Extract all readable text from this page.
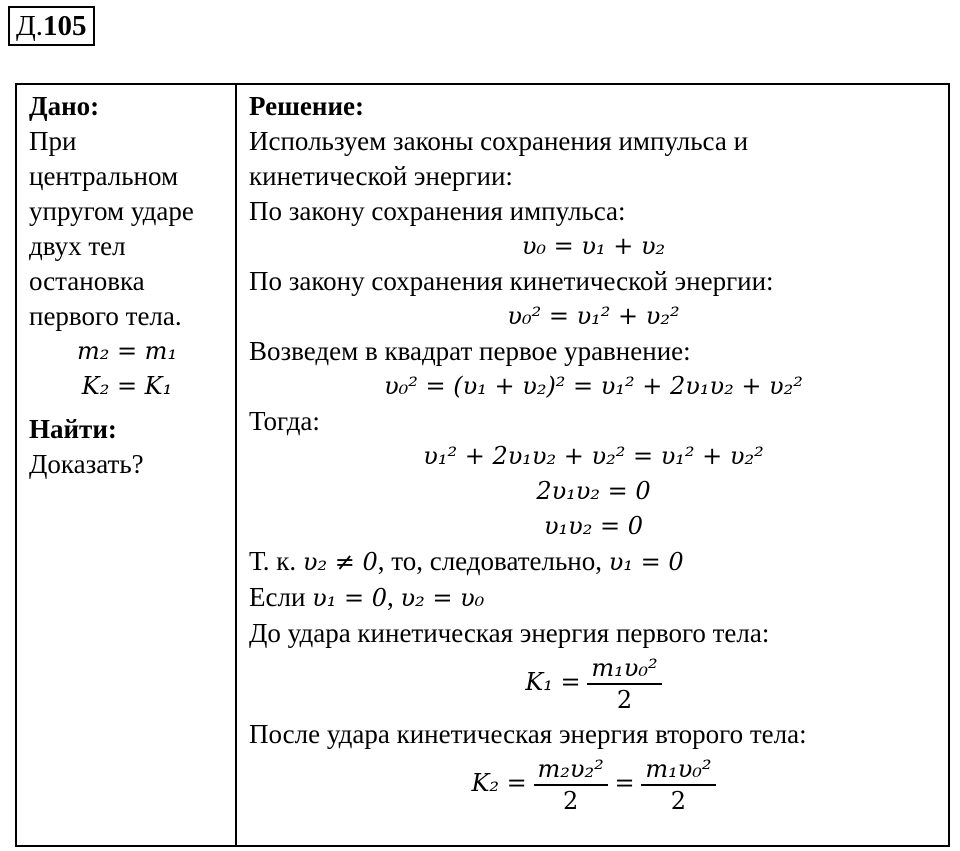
Д. 105
Дано:
При
центральном
упругом ударе
двух тел
остановка
первого тела.
m₂ = m₁
K₂ = K₁
Найти:
Доказать?

Решение:
Используем законы сохранения импульса и
кинетической энергии:
По закону сохранения импульса:
υ₀ = υ₁ + υ₂
По закону сохранения кинетической энергии:
υ₀² = υ₁² + υ₂²
Возведем в квадрат первое уравнение:
υ₀² = (υ₁ + υ₂)² = υ₁² + 2υ₁υ₂ + υ₂²
Тогда:
υ₁² + 2υ₁υ₂ + υ₂² = υ₁² + υ₂²
2υ₁υ₂ = 0
υ₁υ₂ = 0
Т. к. υ₂ ≠ 0, то, следовательно, υ₁ = 0
Если υ₁ = 0, υ₂ = υ₀
До удара кинетическая энергия первого тела:
$K_1 = \frac{\text{m₁υ₀²}}{2}$
После удара кинетическая энергия второго тела:
$K_2 = \frac{\text{m₂υ₂²}}{2} = \frac{\text{m₁υ₀²}}{2}$
